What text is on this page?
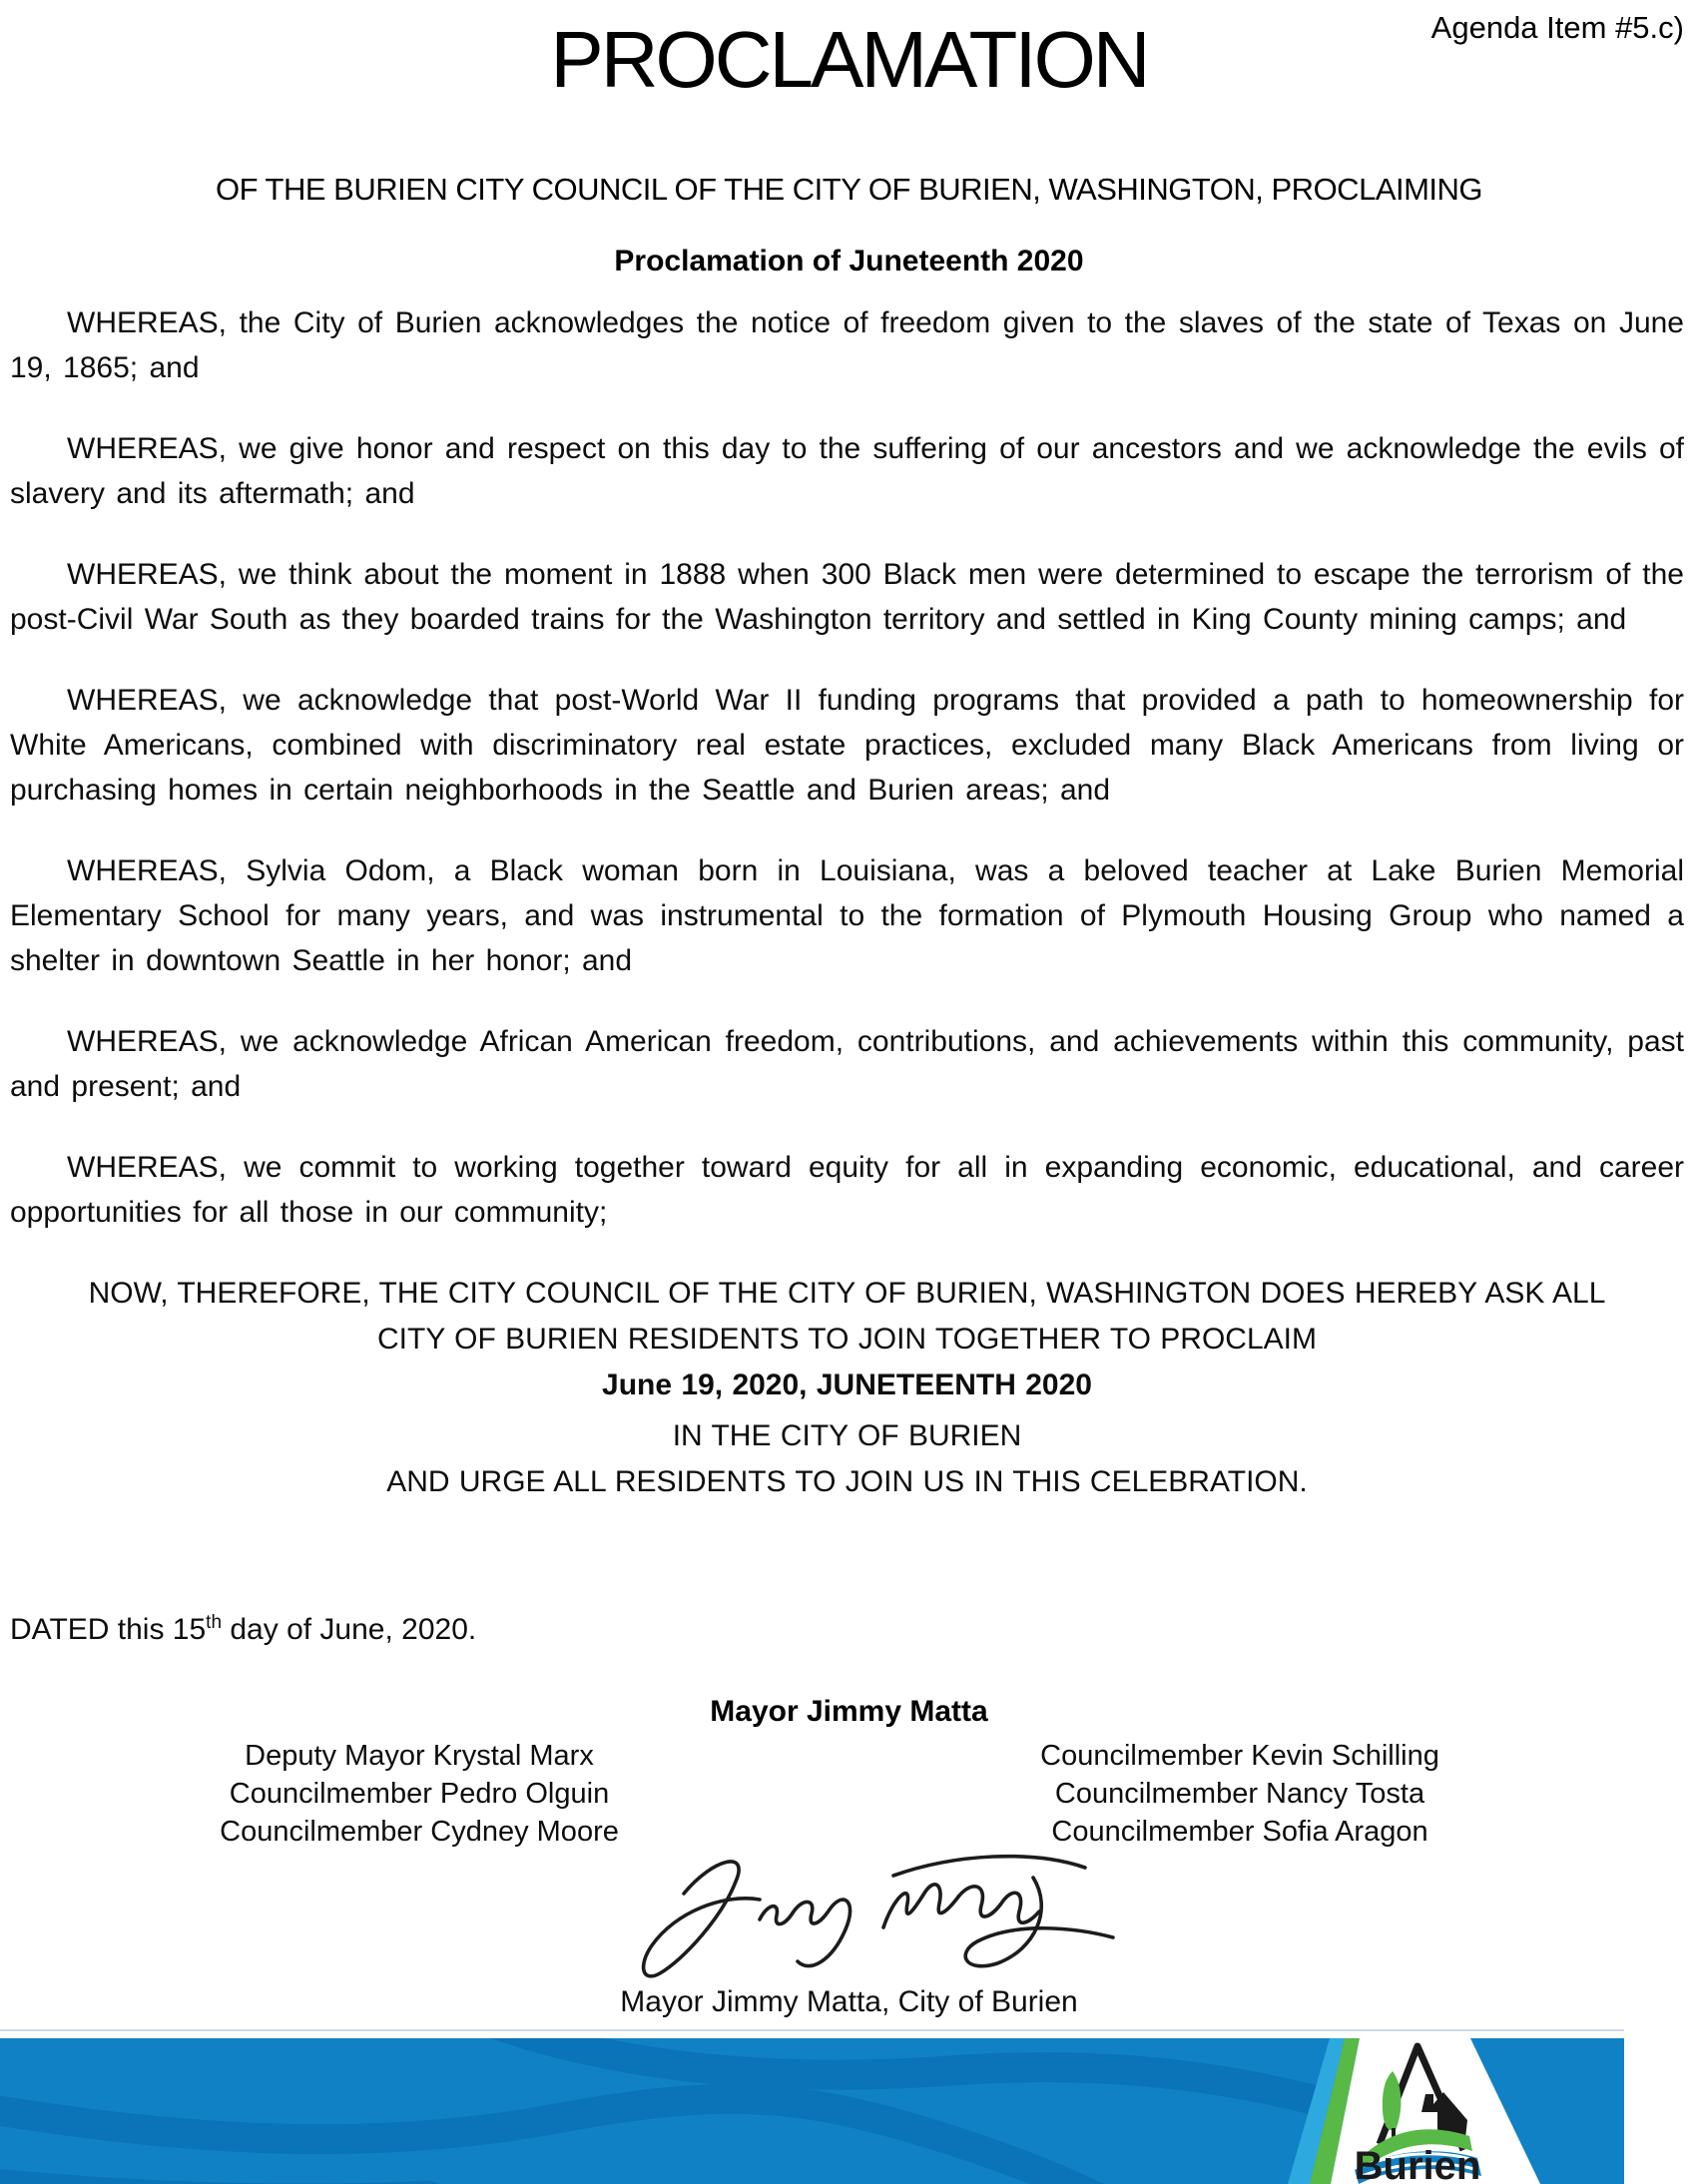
Agenda Item #5.c)
PROCLAMATION
OF THE BURIEN CITY COUNCIL OF THE CITY OF BURIEN, WASHINGTON, PROCLAIMING
Proclamation of Juneteenth 2020

WHEREAS, the City of Burien acknowledges the notice of freedom given to the slaves of the state of Texas on June 19, 1865; and

WHEREAS, we give honor and respect on this day to the suffering of our ancestors and we acknowledge the evils of slavery and its aftermath; and

WHEREAS, we think about the moment in 1888 when 300 Black men were determined to escape the terrorism of the post-Civil War South as they boarded trains for the Washington territory and settled in King County mining camps; and

WHEREAS, we acknowledge that post-World War II funding programs that provided a path to homeownership for White Americans, combined with discriminatory real estate practices, excluded many Black Americans from living or purchasing homes in certain neighborhoods in the Seattle and Burien areas; and

WHEREAS, Sylvia Odom, a Black woman born in Louisiana, was a beloved teacher at Lake Burien Memorial Elementary School for many years, and was instrumental to the formation of Plymouth Housing Group who named a shelter in downtown Seattle in her honor; and

WHEREAS, we acknowledge African American freedom, contributions, and achievements within this community, past and present; and

WHEREAS, we commit to working together toward equity for all in expanding economic, educational, and career opportunities for all those in our community;

NOW, THEREFORE, THE CITY COUNCIL OF THE CITY OF BURIEN, WASHINGTON DOES HEREBY ASK ALL

CITY OF BURIEN RESIDENTS TO JOIN TOGETHER TO PROCLAIM

June 19, 2020, JUNETEENTH 2020

IN THE CITY OF BURIEN

AND URGE ALL RESIDENTS TO JOIN US IN THIS CELEBRATION.

DATED this 15th day of June, 2020.
Mayor Jimmy Matta
Deputy Mayor Krystal Marx
Councilmember Pedro Olguin
Councilmember Cydney Moore
Councilmember Kevin Schilling
Councilmember Nancy Tosta
Councilmember Sofia Aragon
Mayor Jimmy Matta, City of Burien
Burien
